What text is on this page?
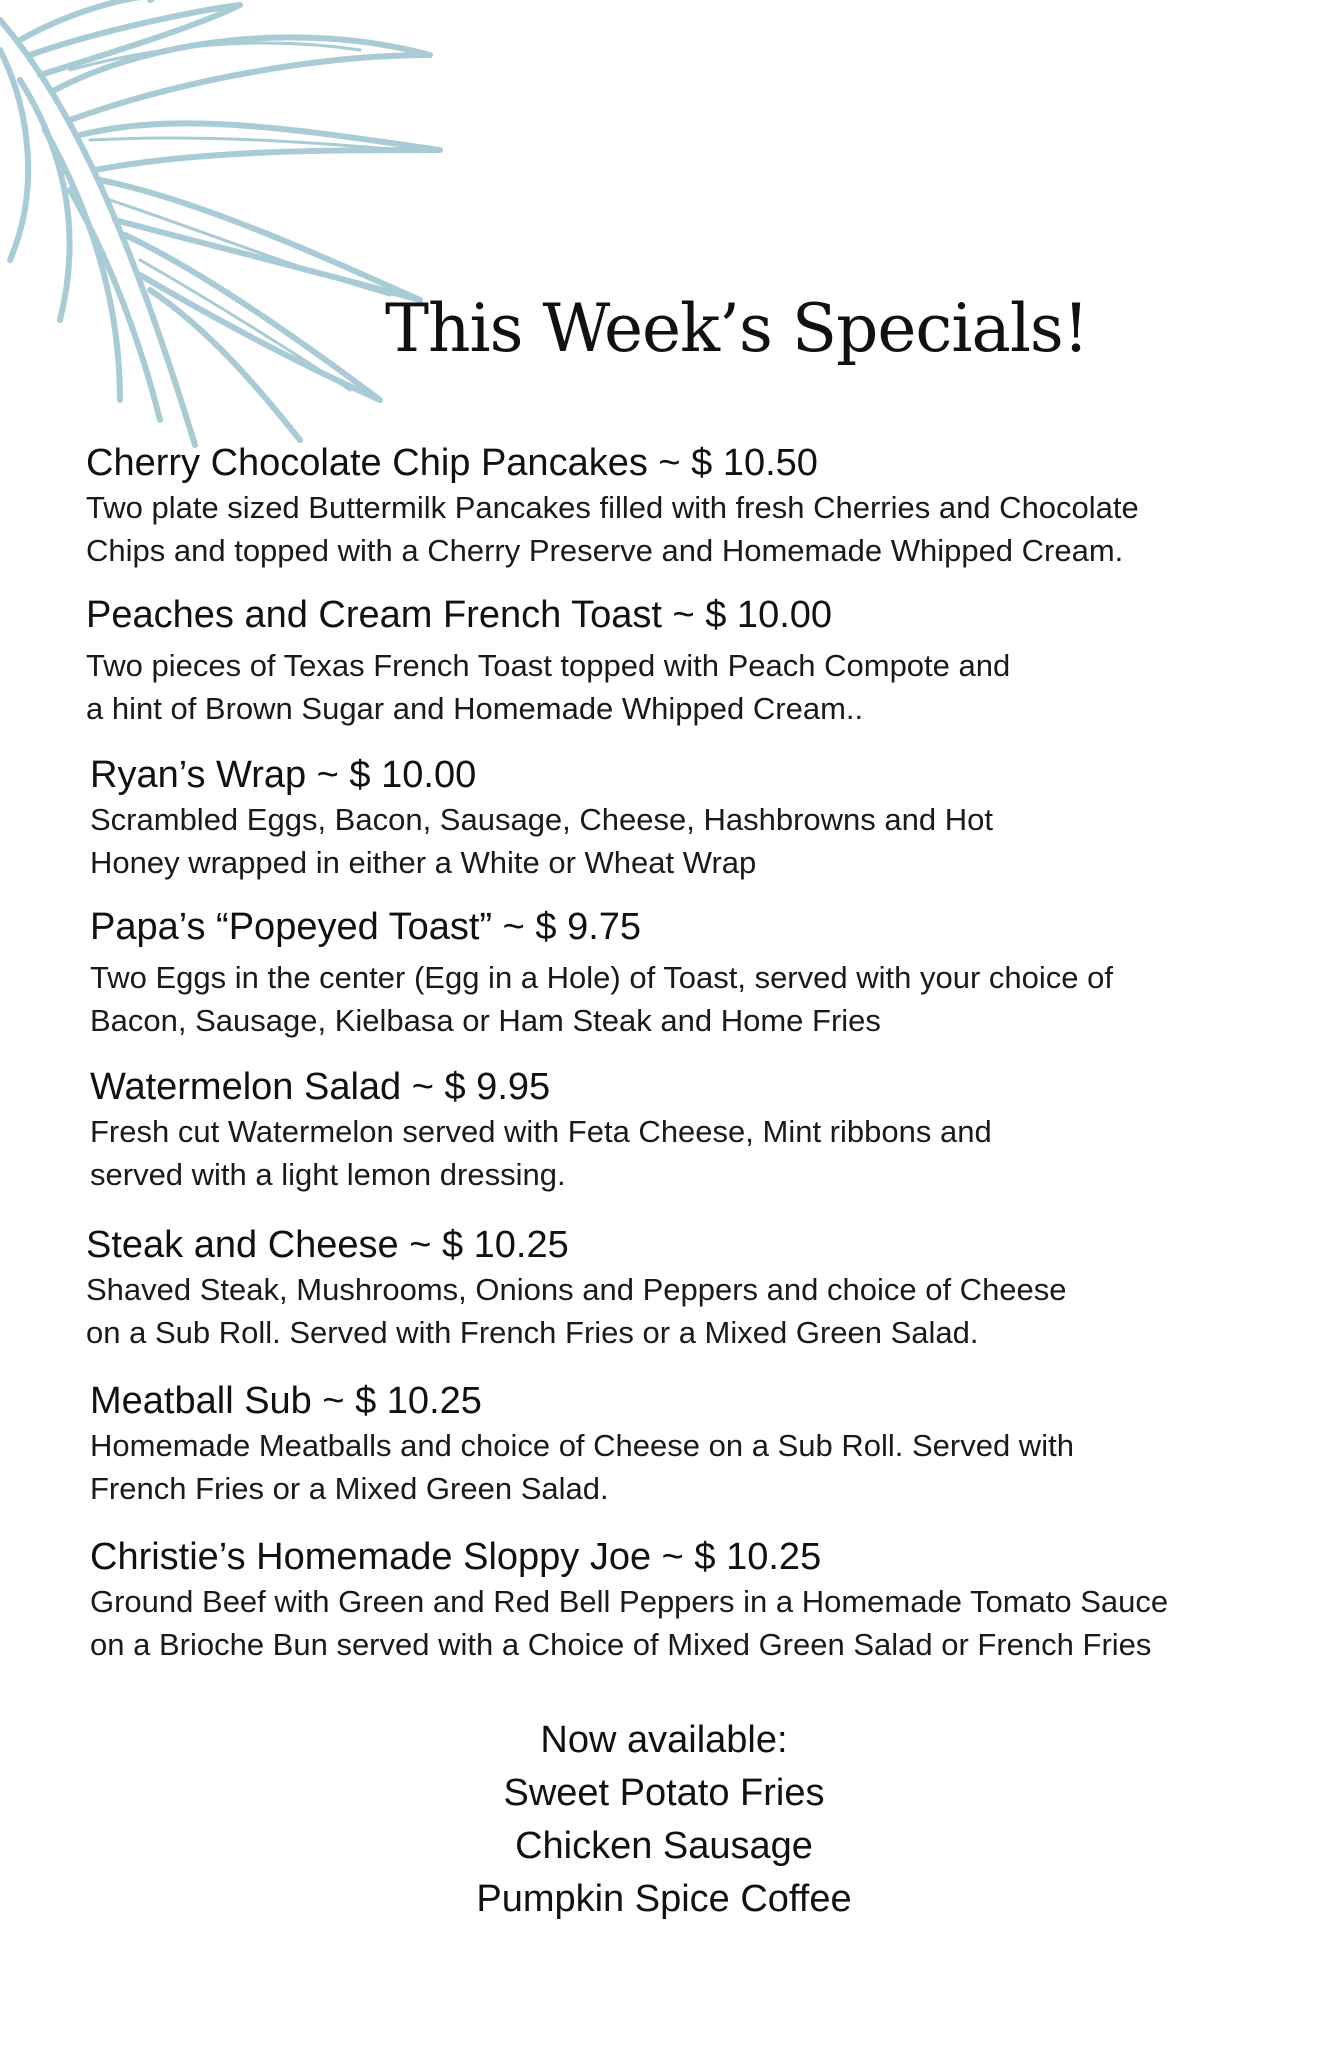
This Week’s Specials!
Cherry Chocolate Chip Pancakes ~ $ 10.50
Two plate sized Buttermilk Pancakes filled with fresh Cherries and Chocolate
Chips and topped with a Cherry Preserve and Homemade Whipped Cream.
Peaches and Cream French Toast ~ $ 10.00
Two pieces of Texas French Toast topped with Peach Compote and
a hint of Brown Sugar and Homemade Whipped Cream..
Ryan’s Wrap ~ $ 10.00
Scrambled Eggs, Bacon, Sausage, Cheese, Hashbrowns and Hot
Honey wrapped in either a White or Wheat Wrap
Papa’s “Popeyed Toast” ~ $ 9.75
Two Eggs in the center (Egg in a Hole) of Toast, served with your choice of
Bacon, Sausage, Kielbasa or Ham Steak and Home Fries
Watermelon Salad ~ $ 9.95
Fresh cut Watermelon served with Feta Cheese, Mint ribbons and
served with a light lemon dressing.
Steak and Cheese ~ $ 10.25
Shaved Steak, Mushrooms, Onions and Peppers and choice of Cheese
on a Sub Roll. Served with French Fries or a Mixed Green Salad.
Meatball Sub ~ $ 10.25
Homemade Meatballs and choice of Cheese on a Sub Roll. Served with
French Fries or a Mixed Green Salad.
Christie’s Homemade Sloppy Joe ~ $ 10.25
Ground Beef with Green and Red Bell Peppers in a Homemade Tomato Sauce
on a Brioche Bun served with a Choice of Mixed Green Salad or French Fries
Now available:
Sweet Potato Fries
Chicken Sausage
Pumpkin Spice Coffee
